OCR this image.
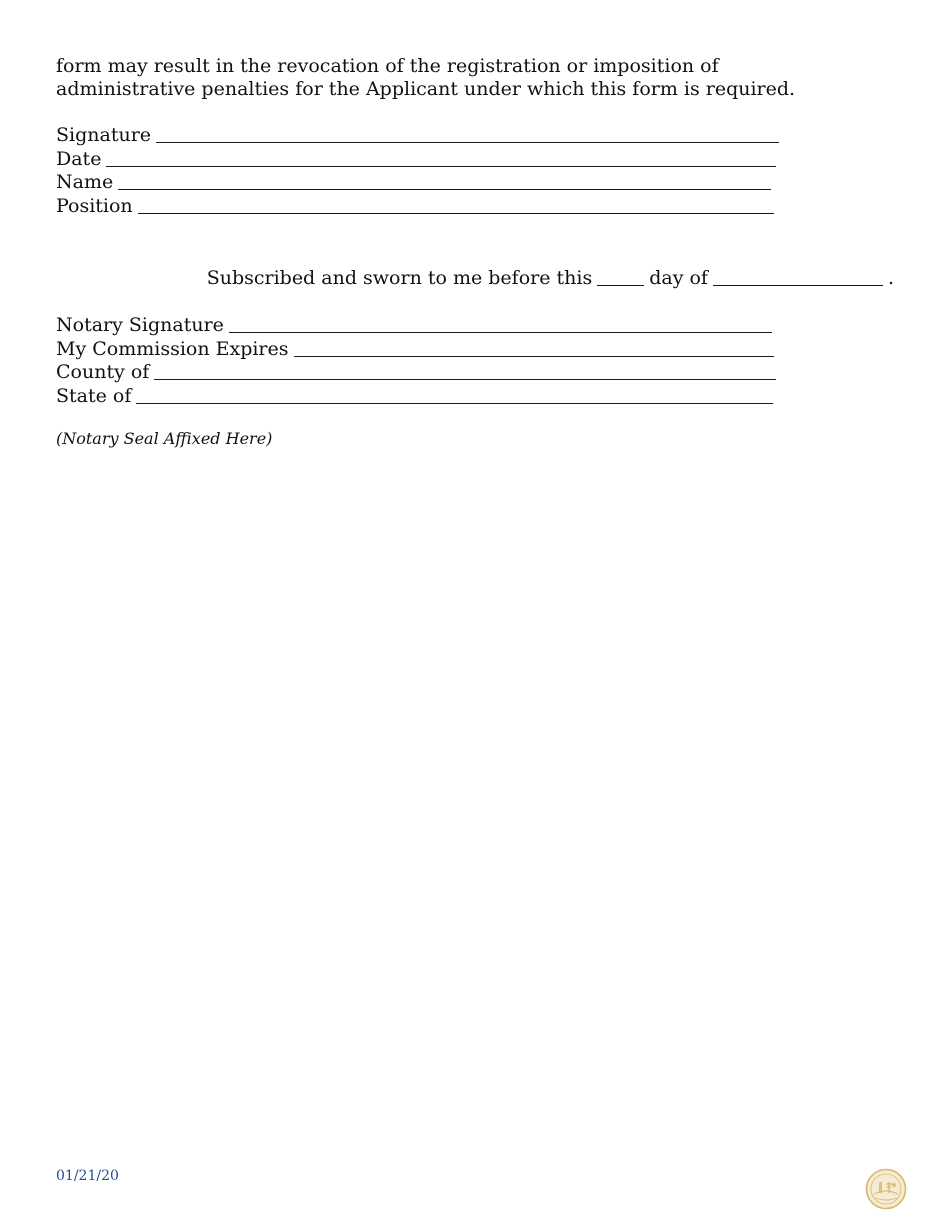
form may result in the revocation of the registration or imposition of administrative penalties for the Applicant under which this form is required.

Signature
Date
Name
Position
Subscribed and sworn to me before this	day of	.
Notary Signature
My Commission Expires
County of
State of
(Notary Seal Affixed Here)
01/21/20
